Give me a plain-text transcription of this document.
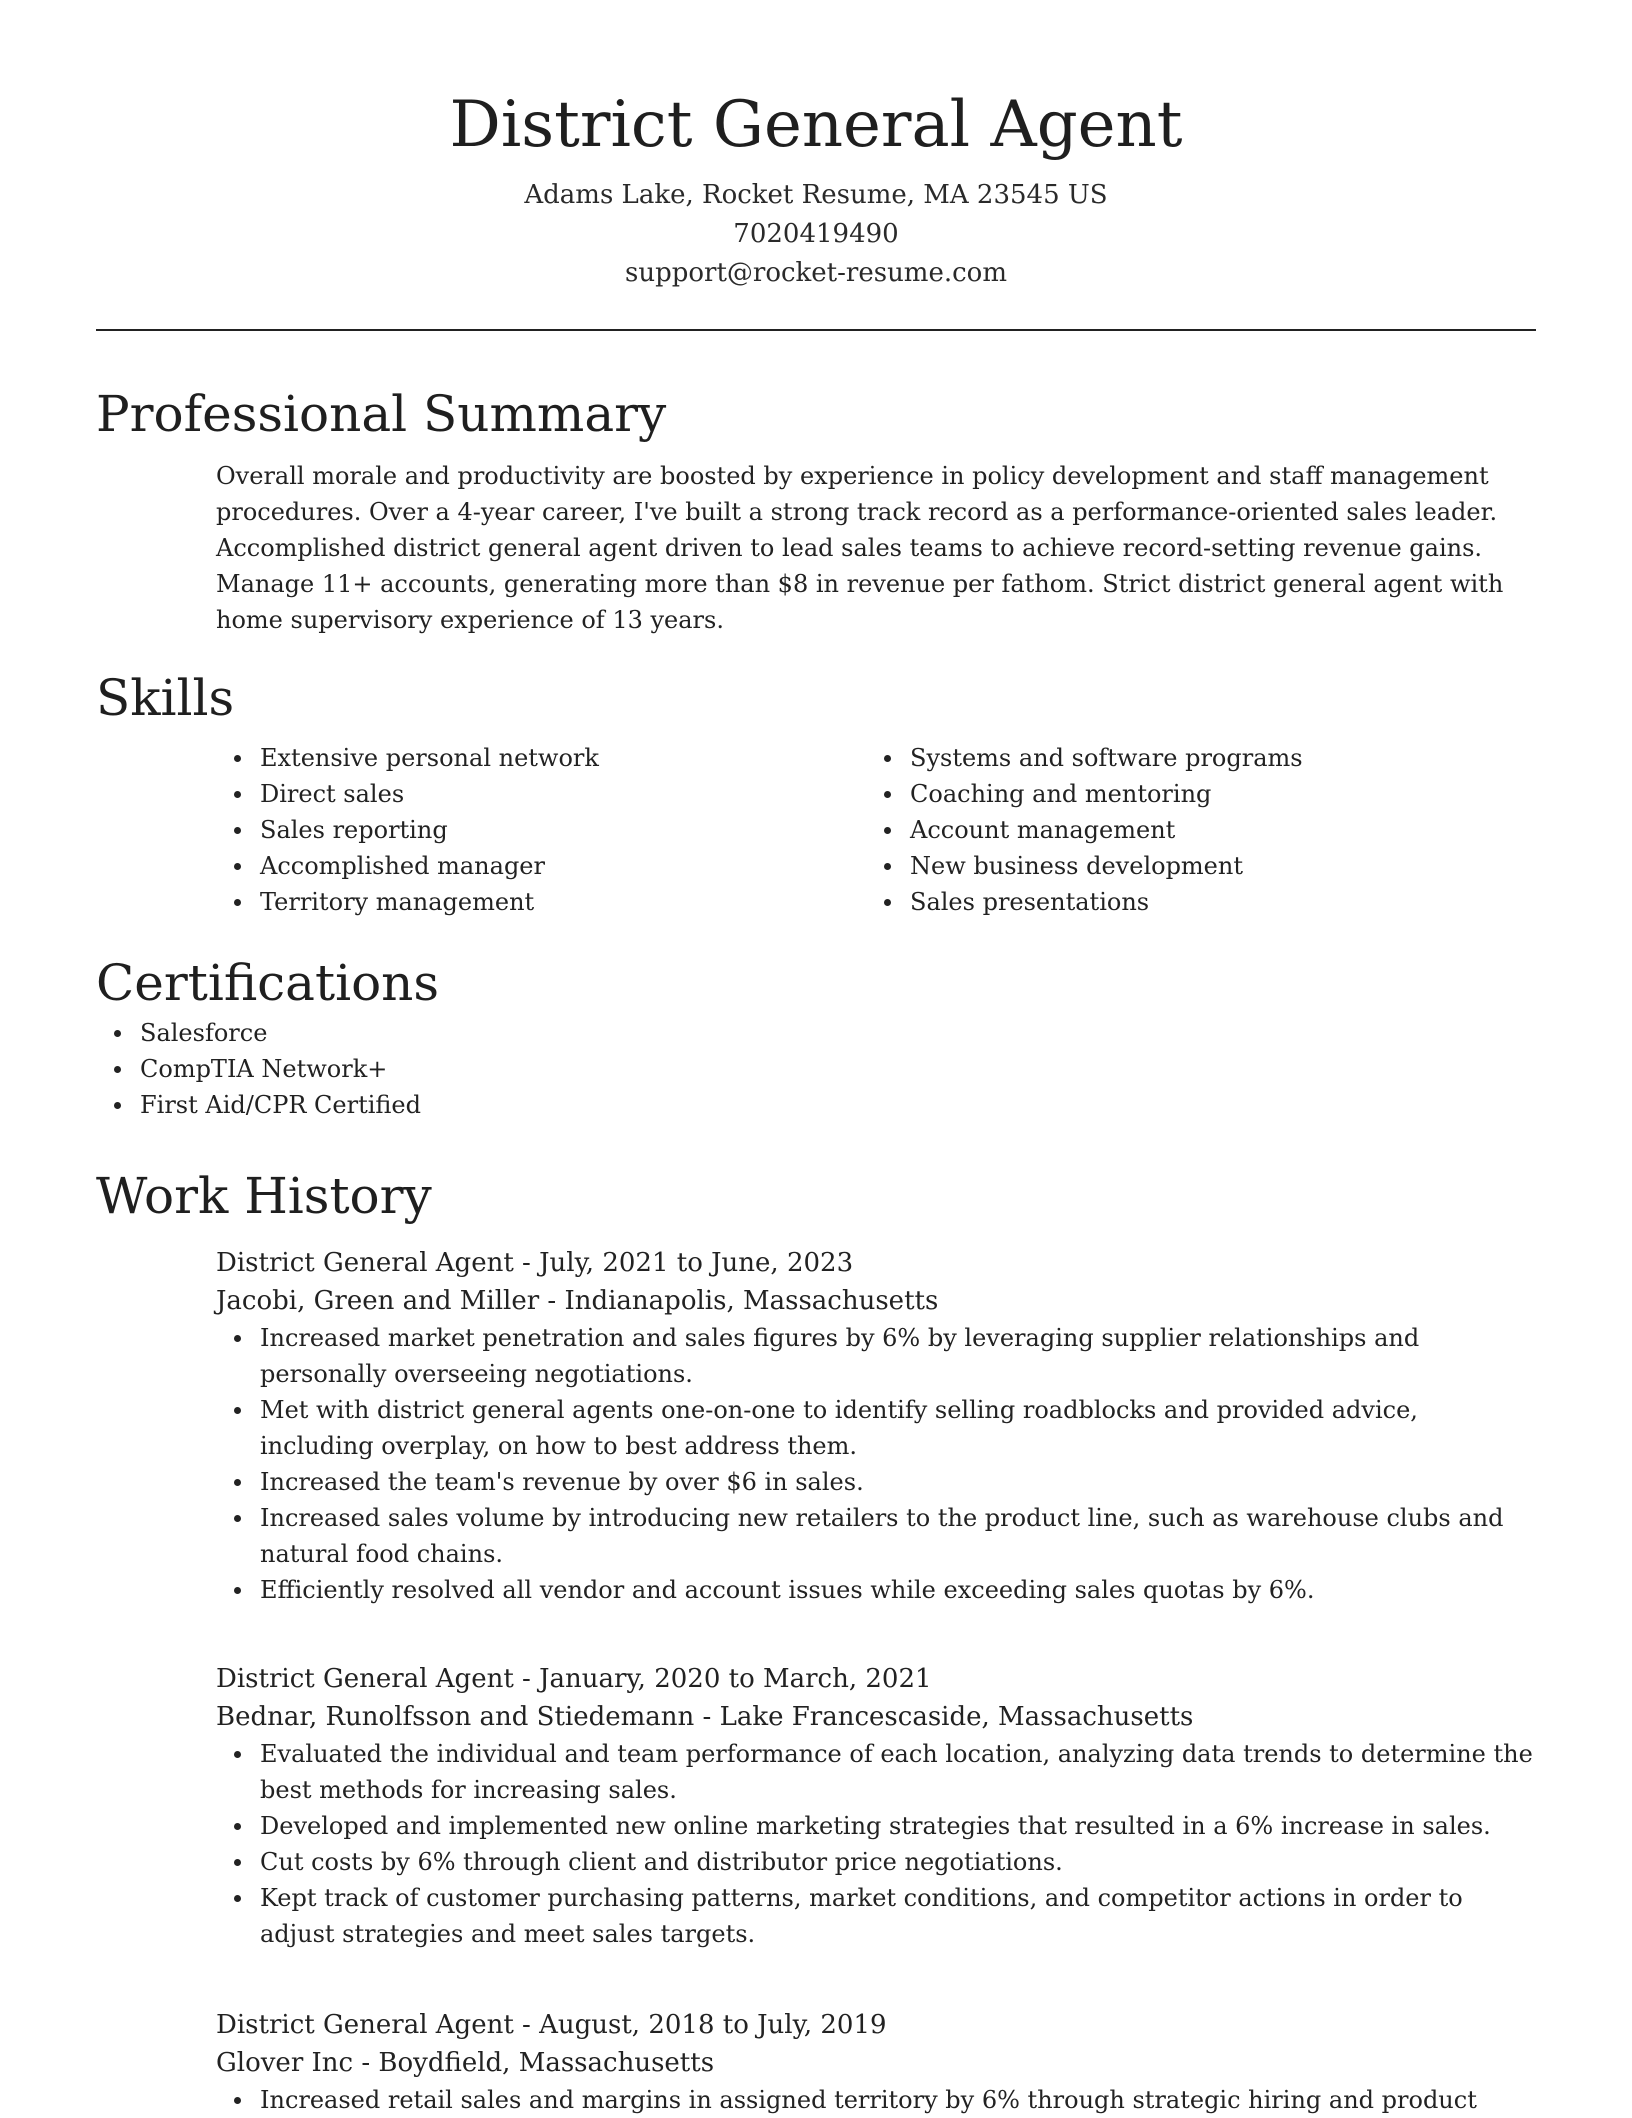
District General Agent
Adams Lake, Rocket Resume, MA 23545 US
7020419490
support@rocket-resume.com
Professional Summary
Overall morale and productivity are boosted by experience in policy development and staff management procedures. Over a 4-year career, I've built a strong track record as a performance-oriented sales leader. Accomplished district general agent driven to lead sales teams to achieve record-setting revenue gains. Manage 11+ accounts, generating more than $8 in revenue per fathom. Strict district general agent with home supervisory experience of 13 years.
Skills
Extensive personal network
Direct sales
Sales reporting
Accomplished manager
Territory management
Systems and software programs
Coaching and mentoring
Account management
New business development
Sales presentations
Certifications
Salesforce
CompTIA Network+
First Aid/CPR Certified
Work History
District General Agent - July, 2021 to June, 2023
Jacobi, Green and Miller - Indianapolis, Massachusetts
Increased market penetration and sales figures by 6% by leveraging supplier relationships and personally overseeing negotiations.
Met with district general agents one-on-one to identify selling roadblocks and provided advice, including overplay, on how to best address them.
Increased the team's revenue by over $6 in sales.
Increased sales volume by introducing new retailers to the product line, such as warehouse clubs and natural food chains.
Efficiently resolved all vendor and account issues while exceeding sales quotas by 6%.
District General Agent - January, 2020 to March, 2021
Bednar, Runolfsson and Stiedemann - Lake Francescaside, Massachusetts
Evaluated the individual and team performance of each location, analyzing data trends to determine the best methods for increasing sales.
Developed and implemented new online marketing strategies that resulted in a 6% increase in sales.
Cut costs by 6% through client and distributor price negotiations.
Kept track of customer purchasing patterns, market conditions, and competitor actions in order to adjust strategies and meet sales targets.
District General Agent - August, 2018 to July, 2019
Glover Inc - Boydfield, Massachusetts
Increased retail sales and margins in assigned territory by 6% through strategic hiring and product
